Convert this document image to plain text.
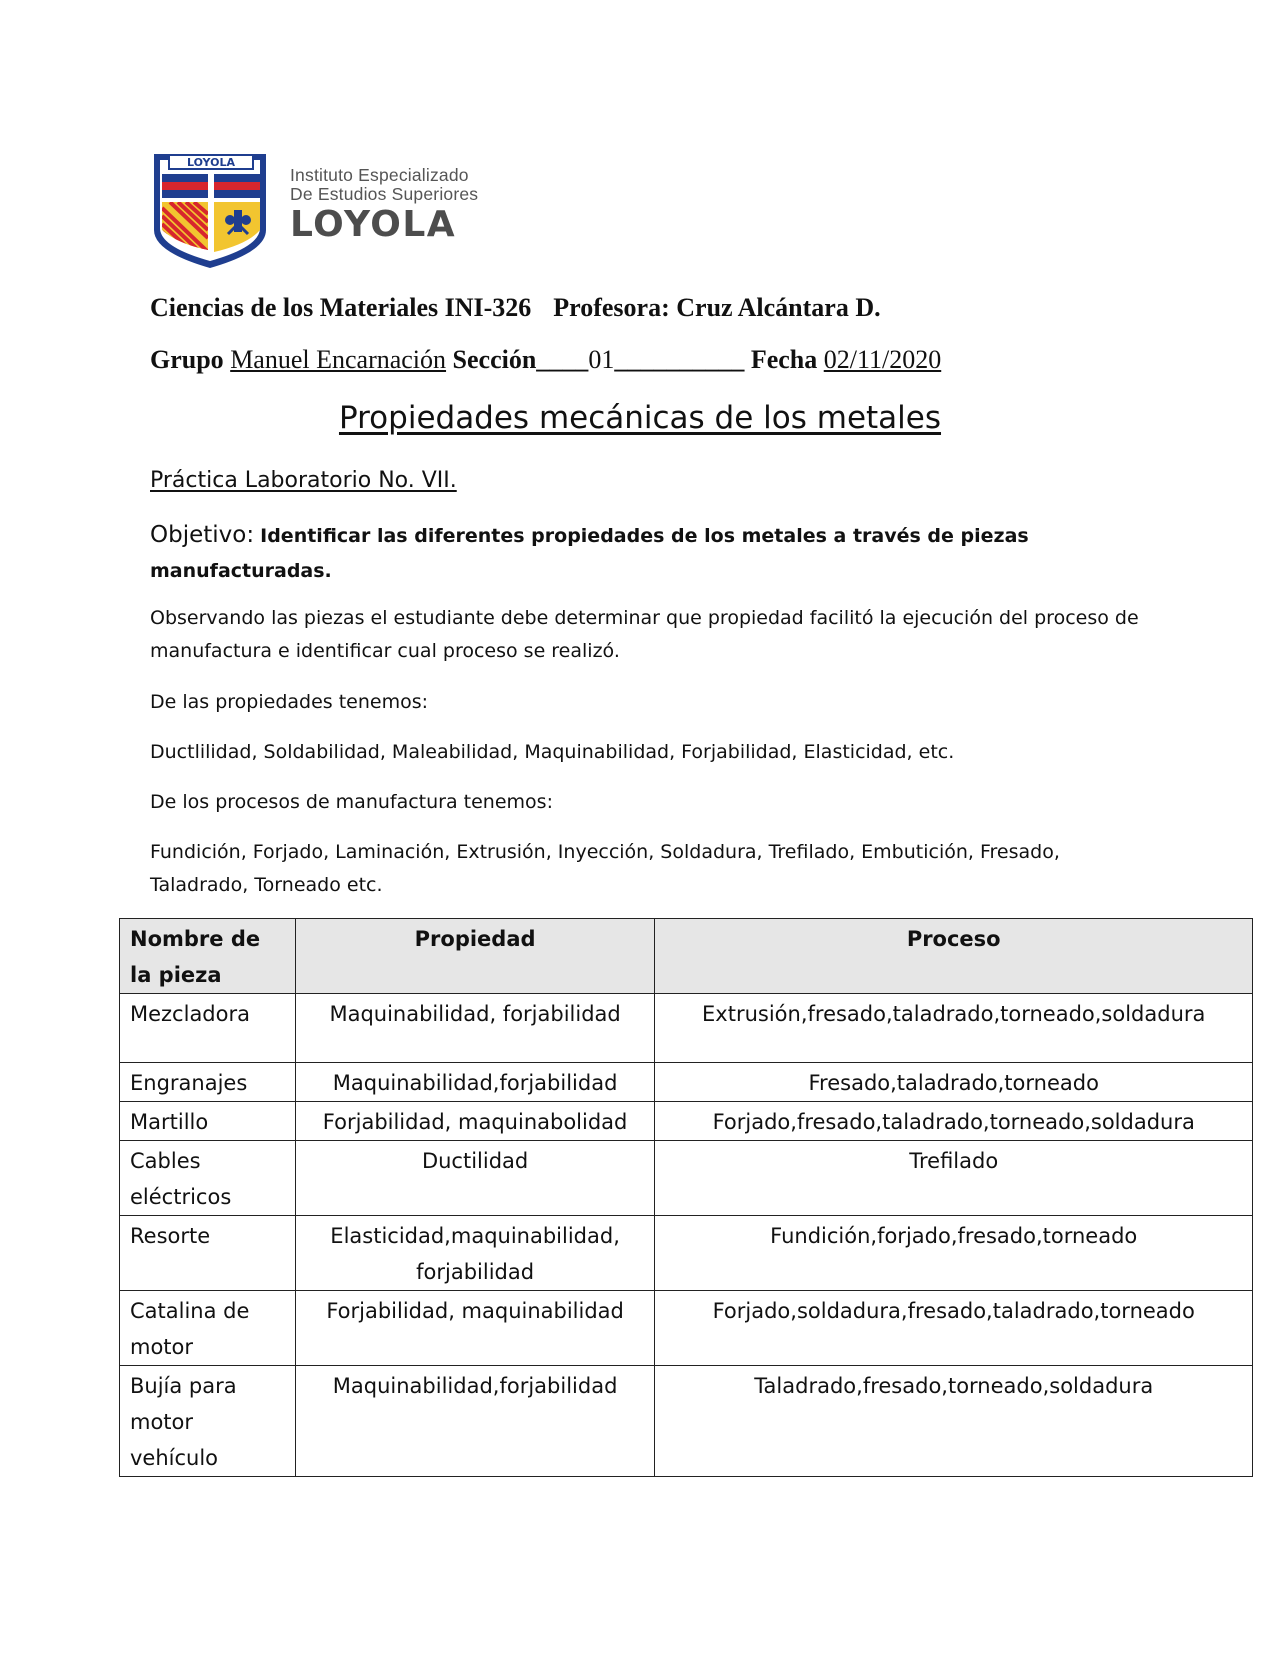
LOYOLA
Instituto Especializado
De Estudios Superiores
LOYOLA
Ciencias de los Materiales INI-326 Profesora: Cruz Alcántara D.
Grupo Manuel Encarnación Sección____01__________ Fecha 02/11/2020
Propiedades mecánicas de los metales

Práctica Laboratorio No. VII.

Objetivo: Identificar las diferentes propiedades de los metales a través de piezas manufacturadas.

Observando las piezas el estudiante debe determinar que propiedad facilitó la ejecución del proceso de manufactura e identificar cual proceso se realizó.

De las propiedades tenemos:

Ductlilidad, Soldabilidad, Maleabilidad, Maquinabilidad, Forjabilidad, Elasticidad, etc.

De los procesos de manufactura tenemos:

Fundición, Forjado, Laminación, Extrusión, Inyección, Soldadura, Trefilado, Embutición, Fresado, Taladrado, Torneado etc.

Nombre de la pieza	Propiedad	Proceso
Mezcladora	Maquinabilidad, forjabilidad	Extrusión,fresado,taladrado,torneado,soldadura
Engranajes	Maquinabilidad,forjabilidad	Fresado,taladrado,torneado
Martillo	Forjabilidad, maquinabolidad	Forjado,fresado,taladrado,torneado,soldadura
Cables eléctricos	Ductilidad	Trefilado
Resorte	Elasticidad,maquinabilidad, forjabilidad	Fundición,forjado,fresado,torneado
Catalina de motor	Forjabilidad, maquinabilidad	Forjado,soldadura,fresado,taladrado,torneado
Bujía para motor vehículo	Maquinabilidad,forjabilidad	Taladrado,fresado,torneado,soldadura
